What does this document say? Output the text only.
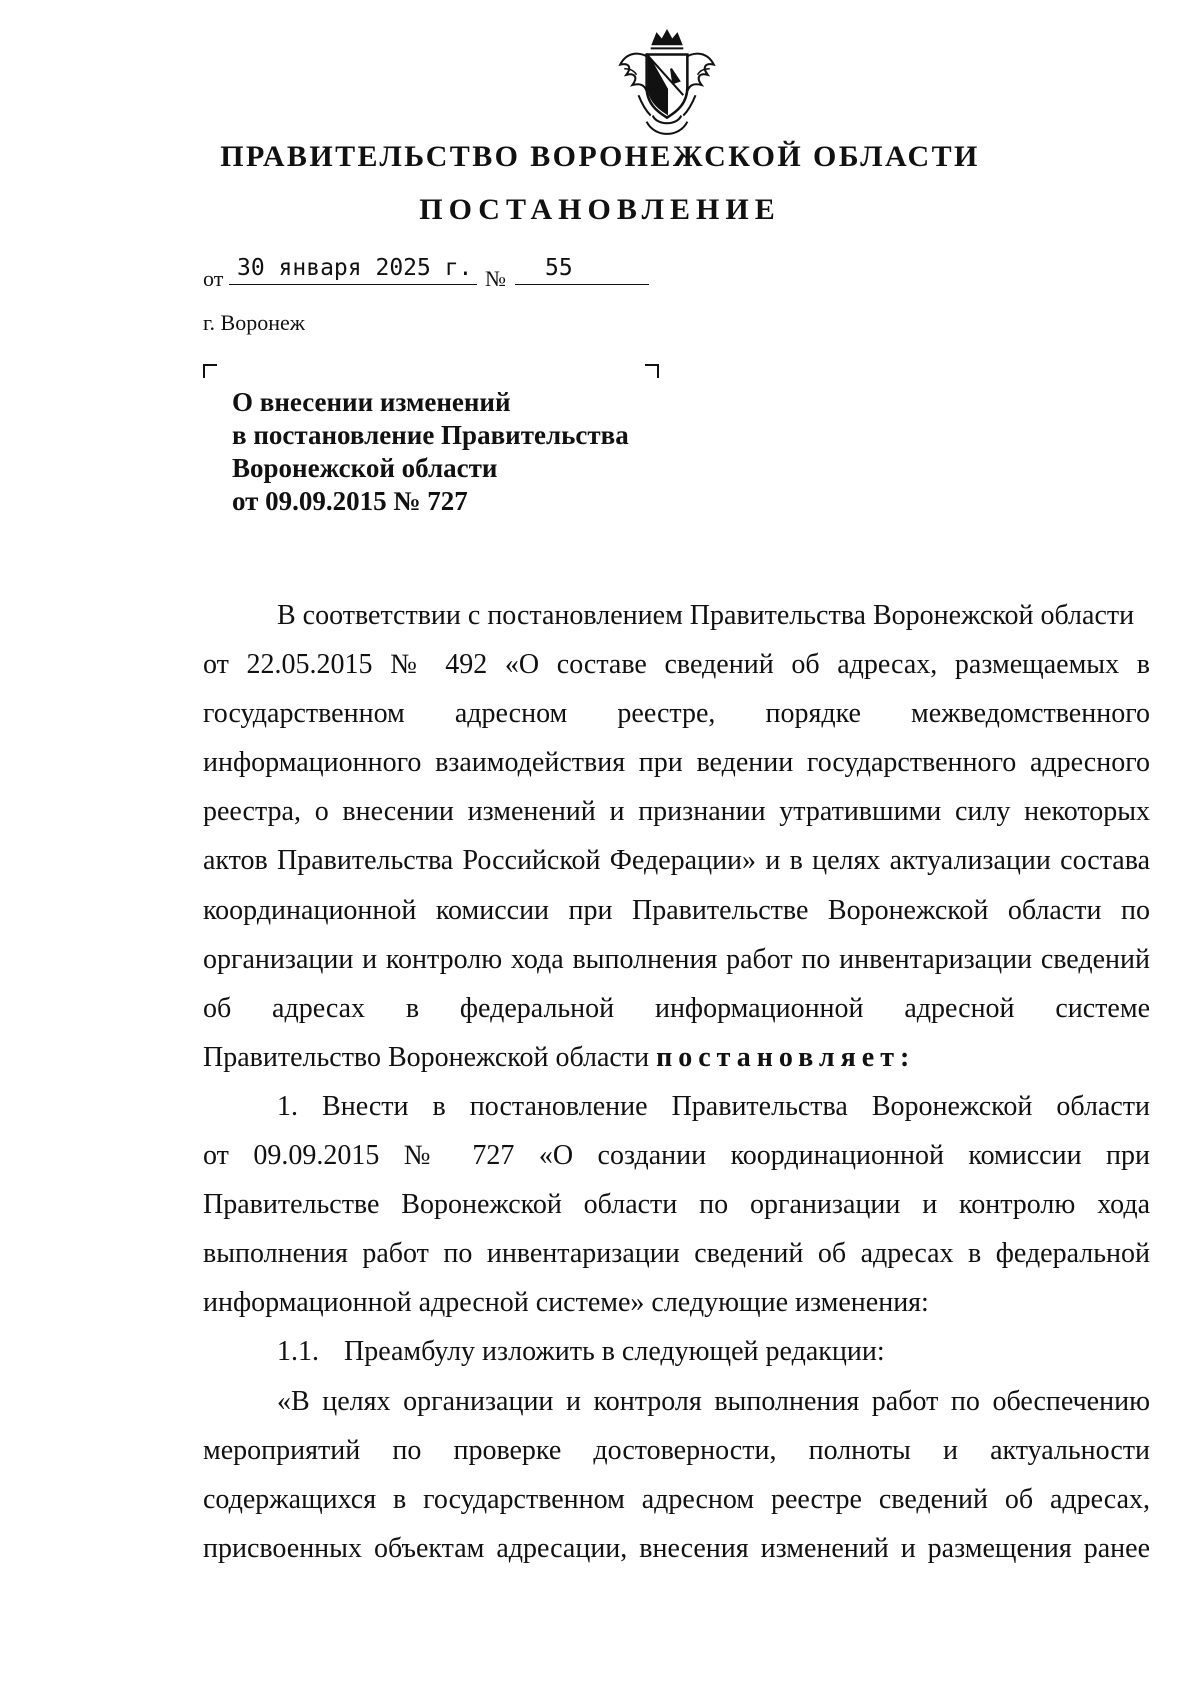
ПРАВИТЕЛЬСТВО ВОРОНЕЖСКОЙ ОБЛАСТИ
ПОСТАНОВЛЕНИЕ
от 30 января 2025 г. № 55
г. Воронеж
О внесении изменений
в постановление Правительства
Воронежской области
от 09.09.2015 № 727
В соответствии с постановлением Правительства Воронежской области
от 22.05.2015 № 492 «О составе сведений об адресах, размещаемых в
государственном адресном реестре, порядке межведомственного
информационного взаимодействия при ведении государственного адресного
реестра, о внесении изменений и признании утратившими силу некоторых
актов Правительства Российской Федерации» и в целях актуализации состава
координационной комиссии при Правительстве Воронежской области по
организации и контролю хода выполнения работ по инвентаризации сведений
об адресах в федеральной информационной адресной системе
Правительство Воронежской области постановляет:
1. Внести в постановление Правительства Воронежской области
от 09.09.2015 № 727 «О создании координационной комиссии при
Правительстве Воронежской области по организации и контролю хода
выполнения работ по инвентаризации сведений об адресах в федеральной
информационной адресной системе» следующие изменения:
1.1. Преамбулу изложить в следующей редакции:
«В целях организации и контроля выполнения работ по обеспечению
мероприятий по проверке достоверности, полноты и актуальности
содержащихся в государственном адресном реестре сведений об адресах,
присвоенных объектам адресации, внесения изменений и размещения ранее
